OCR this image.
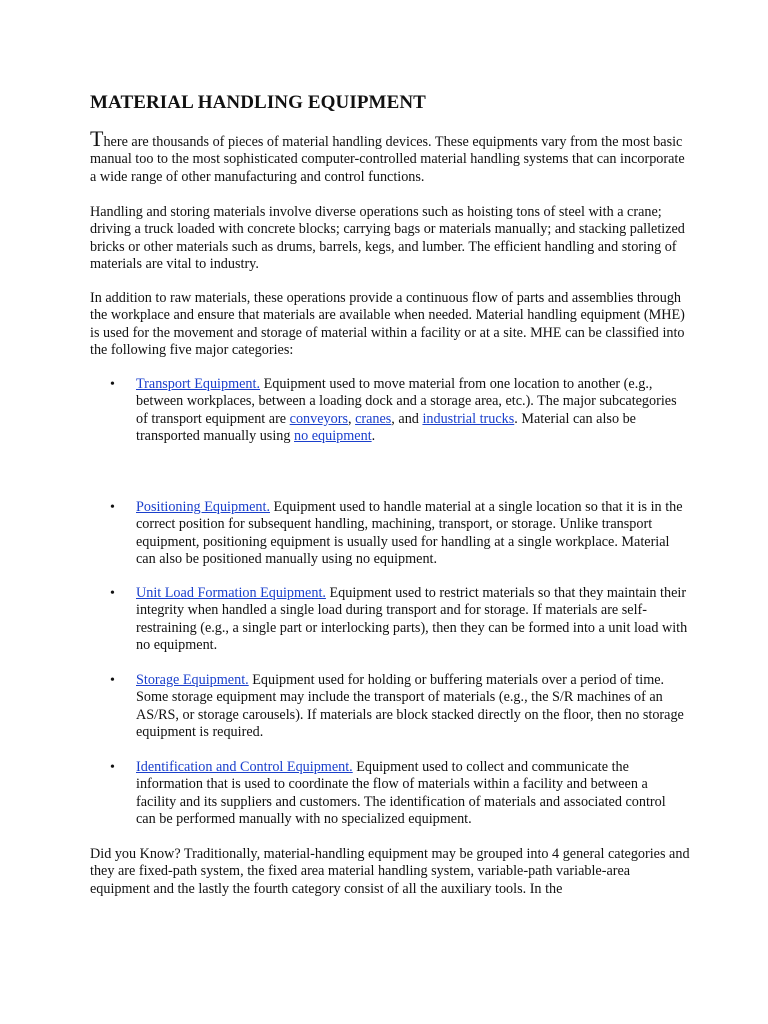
MATERIAL HANDLING EQUIPMENT

There are thousands of pieces of material handling devices. These equipments vary from the most basic manual too to the most sophisticated computer-controlled material handling systems that can incorporate a wide range of other manufacturing and control functions.

Handling and storing materials involve diverse operations such as hoisting tons of steel with a crane; driving a truck loaded with concrete blocks; carrying bags or materials manually; and stacking palletized bricks or other materials such as drums, barrels, kegs, and lumber. The efficient handling and storing of materials are vital to industry.

In addition to raw materials, these operations provide a continuous flow of parts and assemblies through the workplace and ensure that materials are available when needed. Material handling equipment (MHE) is used for the movement and storage of material within a facility or at a site. MHE can be classified into the following five major categories:

• Transport Equipment. Equipment used to move material from one location to another (e.g., between workplaces, between a loading dock and a storage area, etc.). The major subcategories of transport equipment are conveyors, cranes, and industrial trucks. Material can also be transported manually using no equipment.

• Positioning Equipment. Equipment used to handle material at a single location so that it is in the correct position for subsequent handling, machining, transport, or storage. Unlike transport equipment, positioning equipment is usually used for handling at a single workplace. Material can also be positioned manually using no equipment.

• Unit Load Formation Equipment. Equipment used to restrict materials so that they maintain their integrity when handled a single load during transport and for storage. If materials are self-restraining (e.g., a single part or interlocking parts), then they can be formed into a unit load with no equipment.

• Storage Equipment. Equipment used for holding or buffering materials over a period of time. Some storage equipment may include the transport of materials (e.g., the S/R machines of an AS/RS, or storage carousels). If materials are block stacked directly on the floor, then no storage equipment is required.

• Identification and Control Equipment. Equipment used to collect and communicate the information that is used to coordinate the flow of materials within a facility and between a facility and its suppliers and customers. The identification of materials and associated control can be performed manually with no specialized equipment.

Did you Know? Traditionally, material-handling equipment may be grouped into 4 general categories and they are fixed-path system, the fixed area material handling system, variable-path variable-area equipment and the lastly the fourth category consist of all the auxiliary tools. In the
